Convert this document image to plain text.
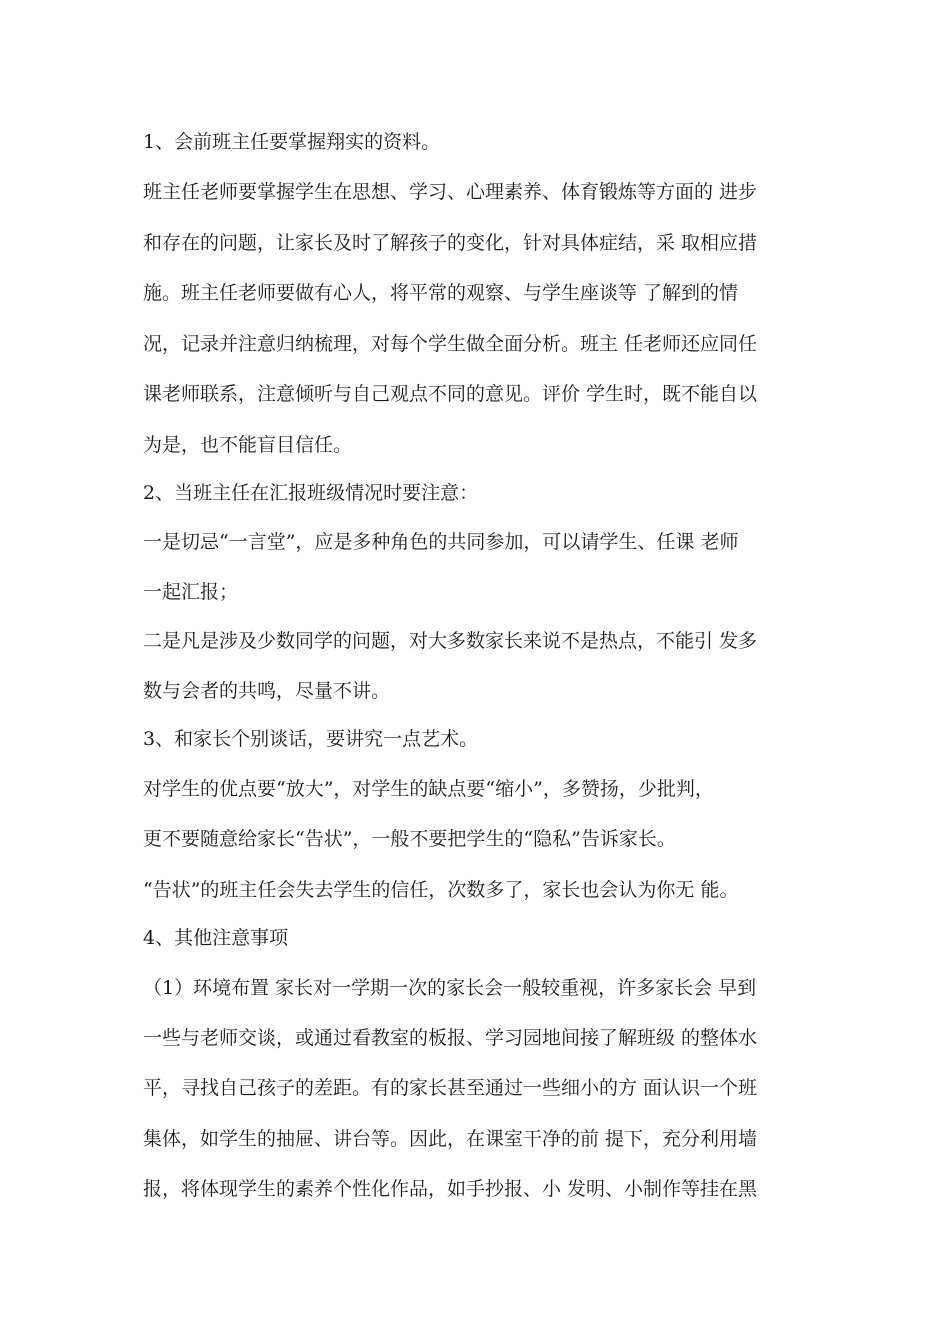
1、会前班主任要掌握翔实的资料。
班主任老师要掌握学生在思想、学习、心理素养、体育锻炼等方面的 进步
和存在的问题，让家长及时了解孩子的变化，针对具体症结，采 取相应措
施。班主任老师要做有心人，将平常的观察、与学生座谈等 了解到的情
况，记录并注意归纳梳理，对每个学生做全面分析。班主 任老师还应同任
课老师联系，注意倾听与自己观点不同的意见。评价 学生时，既不能自以
为是，也不能盲目信任。
2、当班主任在汇报班级情况时要注意：
一是切忌“一言堂”，应是多种角色的共同参加，可以请学生、任课 老师
一起汇报；
二是凡是涉及少数同学的问题，对大多数家长来说不是热点，不能引 发多
数与会者的共鸣，尽量不讲。
3、和家长个别谈话，要讲究一点艺术。
对学生的优点要“放大”，对学生的缺点要“缩小”，多赞扬，少批判，
更不要随意给家长“告状”，一般不要把学生的“隐私”告诉家长。
“告状”的班主任会失去学生的信任，次数多了，家长也会认为你无 能。
4、其他注意事项
（1）环境布置 家长对一学期一次的家长会一般较重视，许多家长会 早到
一些与老师交谈，或通过看教室的板报、学习园地间接了解班级 的整体水
平，寻找自己孩子的差距。有的家长甚至通过一些细小的方 面认识一个班
集体，如学生的抽屉、讲台等。因此，在课室干净的前 提下，充分利用墙
报，将体现学生的素养个性化作品，如手抄报、小 发明、小制作等挂在黑
